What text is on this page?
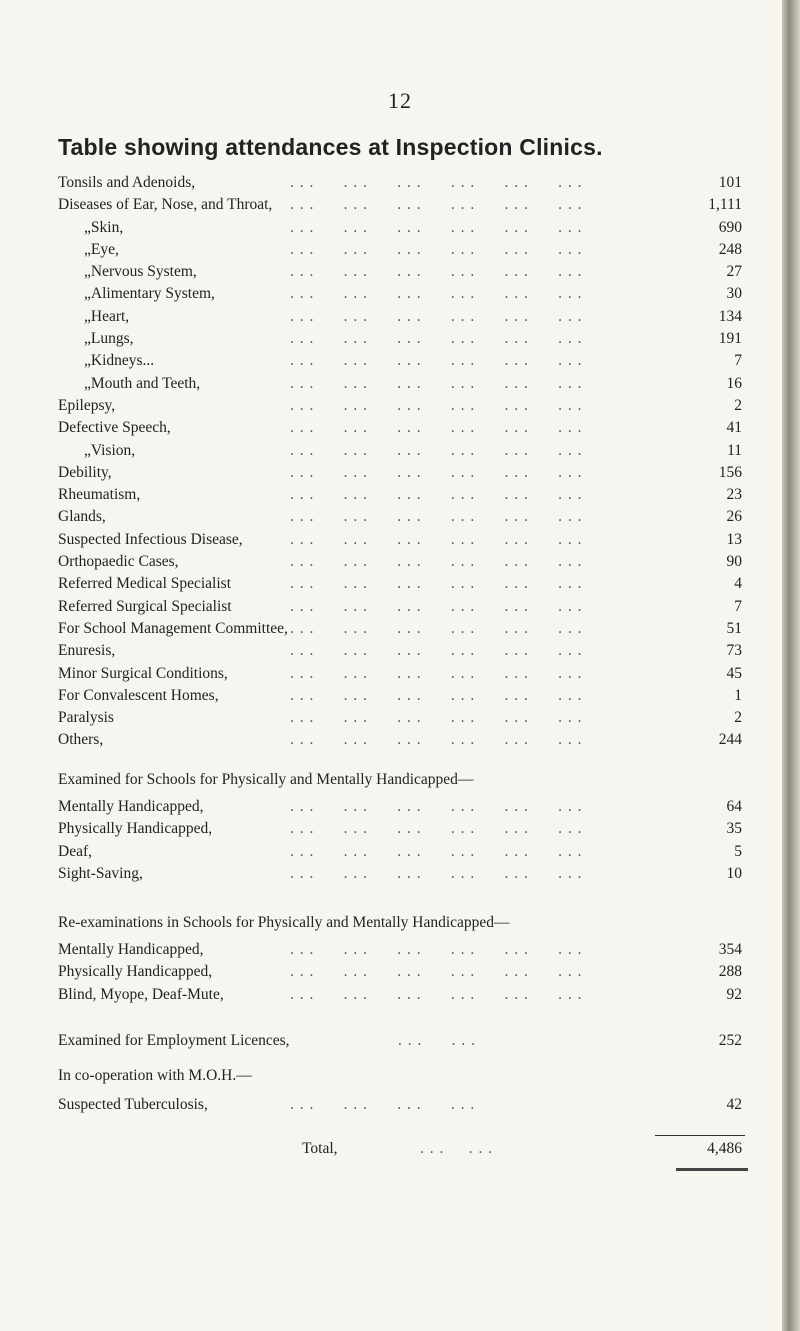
12
Table showing attendances at Inspection Clinics.
Tonsils and Adenoids,	. . .      . . .      . . .      . . .      . . .      . . .	101
Diseases of Ear, Nose, and Throat, . . .      . . .      . . .      . . .      . . .      . . .	1,111
„Skin,	. . .      . . .      . . .      . . .      . . .      . . .	690
„Eye,	. . .      . . .      . . .      . . .      . . .      . . .	248
„Nervous System,	. . .      . . .      . . .      . . .      . . .      . . .	27
„Alimentary System,	. . .      . . .      . . .      . . .      . . .      . . .	30
„Heart,	. . .      . . .      . . .      . . .      . . .      . . .	134
„Lungs,	. . .      . . .      . . .      . . .      . . .      . . .	191
„Kidneys...	. . .      . . .      . . .      . . .      . . .      . . .	7
„Mouth and Teeth,	. . .      . . .      . . .      . . .      . . .      . . .	16
Epilepsy,	. . .      . . .      . . .      . . .      . . .      . . .	2
Defective Speech,	. . .      . . .      . . .      . . .      . . .      . . .	41
„Vision,	. . .      . . .      . . .      . . .      . . .      . . .	11
Debility,	. . .      . . .      . . .      . . .      . . .      . . .	156
Rheumatism,	. . .      . . .      . . .      . . .      . . .      . . .	23
Glands,	. . .      . . .      . . .      . . .      . . .      . . .	26
Suspected Infectious Disease,	. . .      . . .      . . .      . . .      . . .      . . .	13
Orthopaedic Cases,	. . .      . . .      . . .      . . .      . . .      . . .	90
Referred Medical Specialist	. . .      . . .      . . .      . . .      . . .      . . .	4
Referred Surgical Specialist	. . .      . . .      . . .      . . .      . . .      . . .	7
For School Management Committee, . . .      . . .      . . .      . . .      . . .      . . .	51
Enuresis,	. . .      . . .      . . .      . . .      . . .      . . .	73
Minor Surgical Conditions,	. . .      . . .      . . .      . . .      . . .      . . .	45
For Convalescent Homes,	. . .      . . .      . . .      . . .      . . .      . . .	1
Paralysis	. . .      . . .      . . .      . . .      . . .      . . .	2
Others,	. . .      . . .      . . .      . . .      . . .      . . .	244
Examined for Schools for Physically and Mentally Handicapped—
Mentally Handicapped,	. . .      . . .      . . .      . . .      . . .      . . .	64
Physically Handicapped,	. . .      . . .      . . .      . . .      . . .      . . .	35
Deaf,	. . .      . . .      . . .      . . .      . . .      . . .	5
Sight-Saving,	. . .      . . .      . . .      . . .      . . .      . . .	10
Re-examinations in Schools for Physically and Mentally Handicapped—
Mentally Handicapped,	. . .      . . .      . . .      . . .      . . .      . . .	354
Physically Handicapped,	. . .      . . .      . . .      . . .      . . .      . . .	288
Blind, Myope, Deaf-Mute,	. . .      . . .      . . .      . . .      . . .      . . .	92
Examined for Employment Licences,	. . .      . . .	252
In co-operation with M.O.H.—
Suspected Tuberculosis,	. . .      . . .      . . .      . . .	42
Total,	. . .     . . .	4,486
